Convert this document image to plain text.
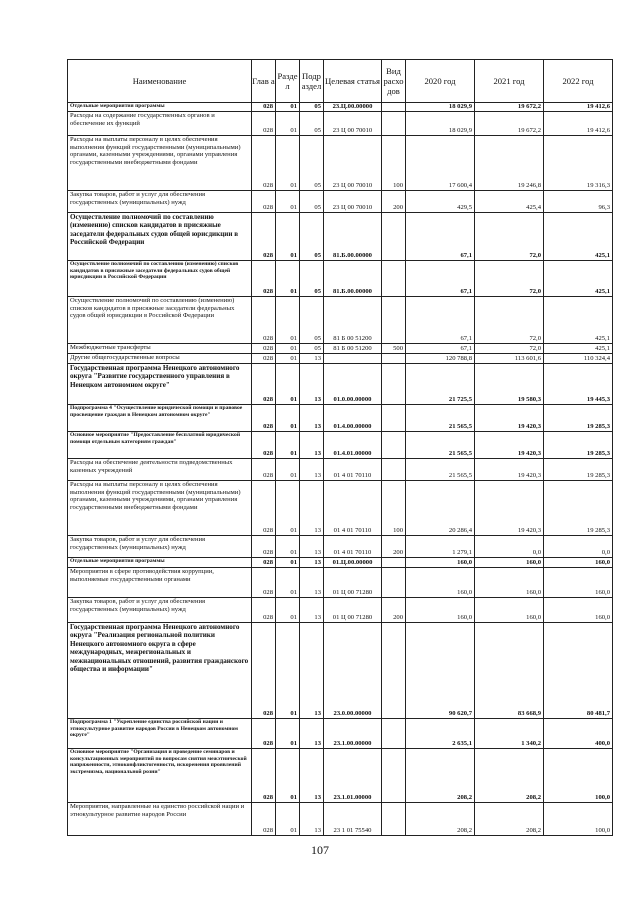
Наименование	Глав а	Разде л	Подр аздел	Целевая статья	Вид расхо дов	2020 год	2021 год	2022 год
Отдельные мероприятия программы	028	01	05	23.Ц.00.00000		18 029,9	19 672,2	19 412,6
Расходы на содержание государственных органов и обеспечение их функций	028	01	05	23 Ц 00 70010		18 029,9	19 672,2	19 412,6
Расходы на выплаты персоналу в целях обеспечения выполнения функций государственными (муниципальными) органами, казенными учреждениями, органами управления государственными внебюджетными фондами	028	01	05	23 Ц 00 70010	100	17 600,4	19 246,8	19 316,3
Закупка товаров, работ и услуг для обеспечения государственных (муниципальных) нужд	028	01	05	23 Ц 00 70010	200	429,5	425,4	96,3
Осуществление полномочий по составлению (изменению) списков кандидатов в присяжные заседатели федеральных судов общей юрисдикции в Российской Федерации	028	01	05	81.Б.00.00000		67,1	72,0	425,1
Осуществление полномочий по составлению (изменению) списков кандидатов в присяжные заседатели федеральных судов общей юрисдикции в Российской Федерации	028	01	05	81.Б.00.00000		67,1	72,0	425,1
Осуществление полномочий по составлению (изменению) списков кандидатов в присяжные заседатели федеральных судов общей юрисдикции в Российской Федерации	028	01	05	81 Б 00 51200		67,1	72,0	425,1
Межбюджетные трансферты	028	01	05	81 Б 00 51200	500	67,1	72,0	425,1
Другие общегосударственные вопросы	028	01	13			120 788,8	113 601,6	110 324,4
Государственная программа Ненецкого автономного округа "Развитие государственного управления в Ненецком автономном округе"	028	01	13	01.0.00.00000		21 725,5	19 580,3	19 445,3
Подпрограмма 4 "Осуществление юридической помощи и правовое просвещение граждан в Ненецком автономном округе"	028	01	13	01.4.00.00000		21 565,5	19 420,3	19 285,3
Основное мероприятие "Предоставление бесплатной юридической помощи отдельным категориям граждан"	028	01	13	01.4.01.00000		21 565,5	19 420,3	19 285,3
Расходы на обеспечение деятельности подведомственных казенных учреждений	028	01	13	01 4 01 70110		21 565,5	19 420,3	19 285,3
Расходы на выплаты персоналу в целях обеспечения выполнения функций государственными (муниципальными) органами, казенными учреждениями, органами управления государственными внебюджетными фондами	028	01	13	01 4 01 70110	100	20 286,4	19 420,3	19 285,3
Закупка товаров, работ и услуг для обеспечения государственных (муниципальных) нужд	028	01	13	01 4 01 70110	200	1 279,1	0,0	0,0
Отдельные мероприятия программы	028	01	13	01.Ц.00.00000		160,0	160,0	160,0
Мероприятия в сфере противодействия коррупции, выполняемые государственными органами	028	01	13	01 Ц 00 71280		160,0	160,0	160,0
Закупка товаров, работ и услуг для обеспечения государственных (муниципальных) нужд	028	01	13	01 Ц 00 71280	200	160,0	160,0	160,0
Государственная программа Ненецкого автономного округа "Реализация региональной политики Ненецкого автономного округа в сфере международных, межрегиональных и межнациональных отношений, развития гражданского общества и информации"	028	01	13	23.0.00.00000		90 620,7	83 668,9	80 481,7
Подпрограмма 1 "Укрепление единства российской нации и этнокультурное развитие народов России в Ненецком автономном округе"	028	01	13	23.1.00.00000		2 635,1	1 340,2	400,0
Основное мероприятие "Организация и проведение семинаров и консультационных мероприятий по вопросам снятия межэтнической напряженности, этноконфликтогенности, искоренения проявлений экстремизма, национальной розни"	028	01	13	23.1.01.00000		208,2	208,2	100,0
Мероприятия, направленные на единство российской нации и этнокультурное развитие народов России	028	01	13	23 1 01 75540		208,2	208,2	100,0
107
